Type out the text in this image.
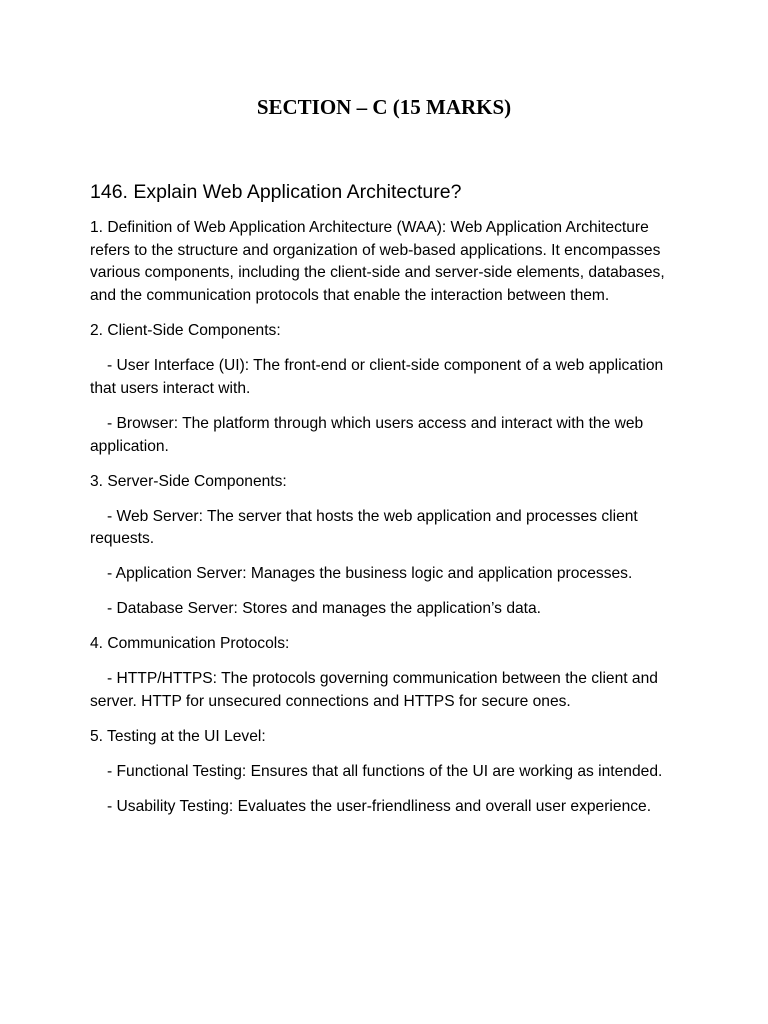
SECTION – C (15 MARKS)
146. Explain Web Application Architecture?

1. Definition of Web Application Architecture (WAA): Web Application Architecture refers to the structure and organization of web-based applications. It encompasses various components, including the client-side and server-side elements, databases, and the communication protocols that enable the interaction between them.

2. Client-Side Components:

- User Interface (UI): The front-end or client-side component of a web application that users interact with.

- Browser: The platform through which users access and interact with the web application.

3. Server-Side Components:

- Web Server: The server that hosts the web application and processes client requests.

- Application Server: Manages the business logic and application processes.

- Database Server: Stores and manages the application’s data.

4. Communication Protocols:

- HTTP/HTTPS: The protocols governing communication between the client and server. HTTP for unsecured connections and HTTPS for secure ones.

5. Testing at the UI Level:

- Functional Testing: Ensures that all functions of the UI are working as intended.

- Usability Testing: Evaluates the user-friendliness and overall user experience.
